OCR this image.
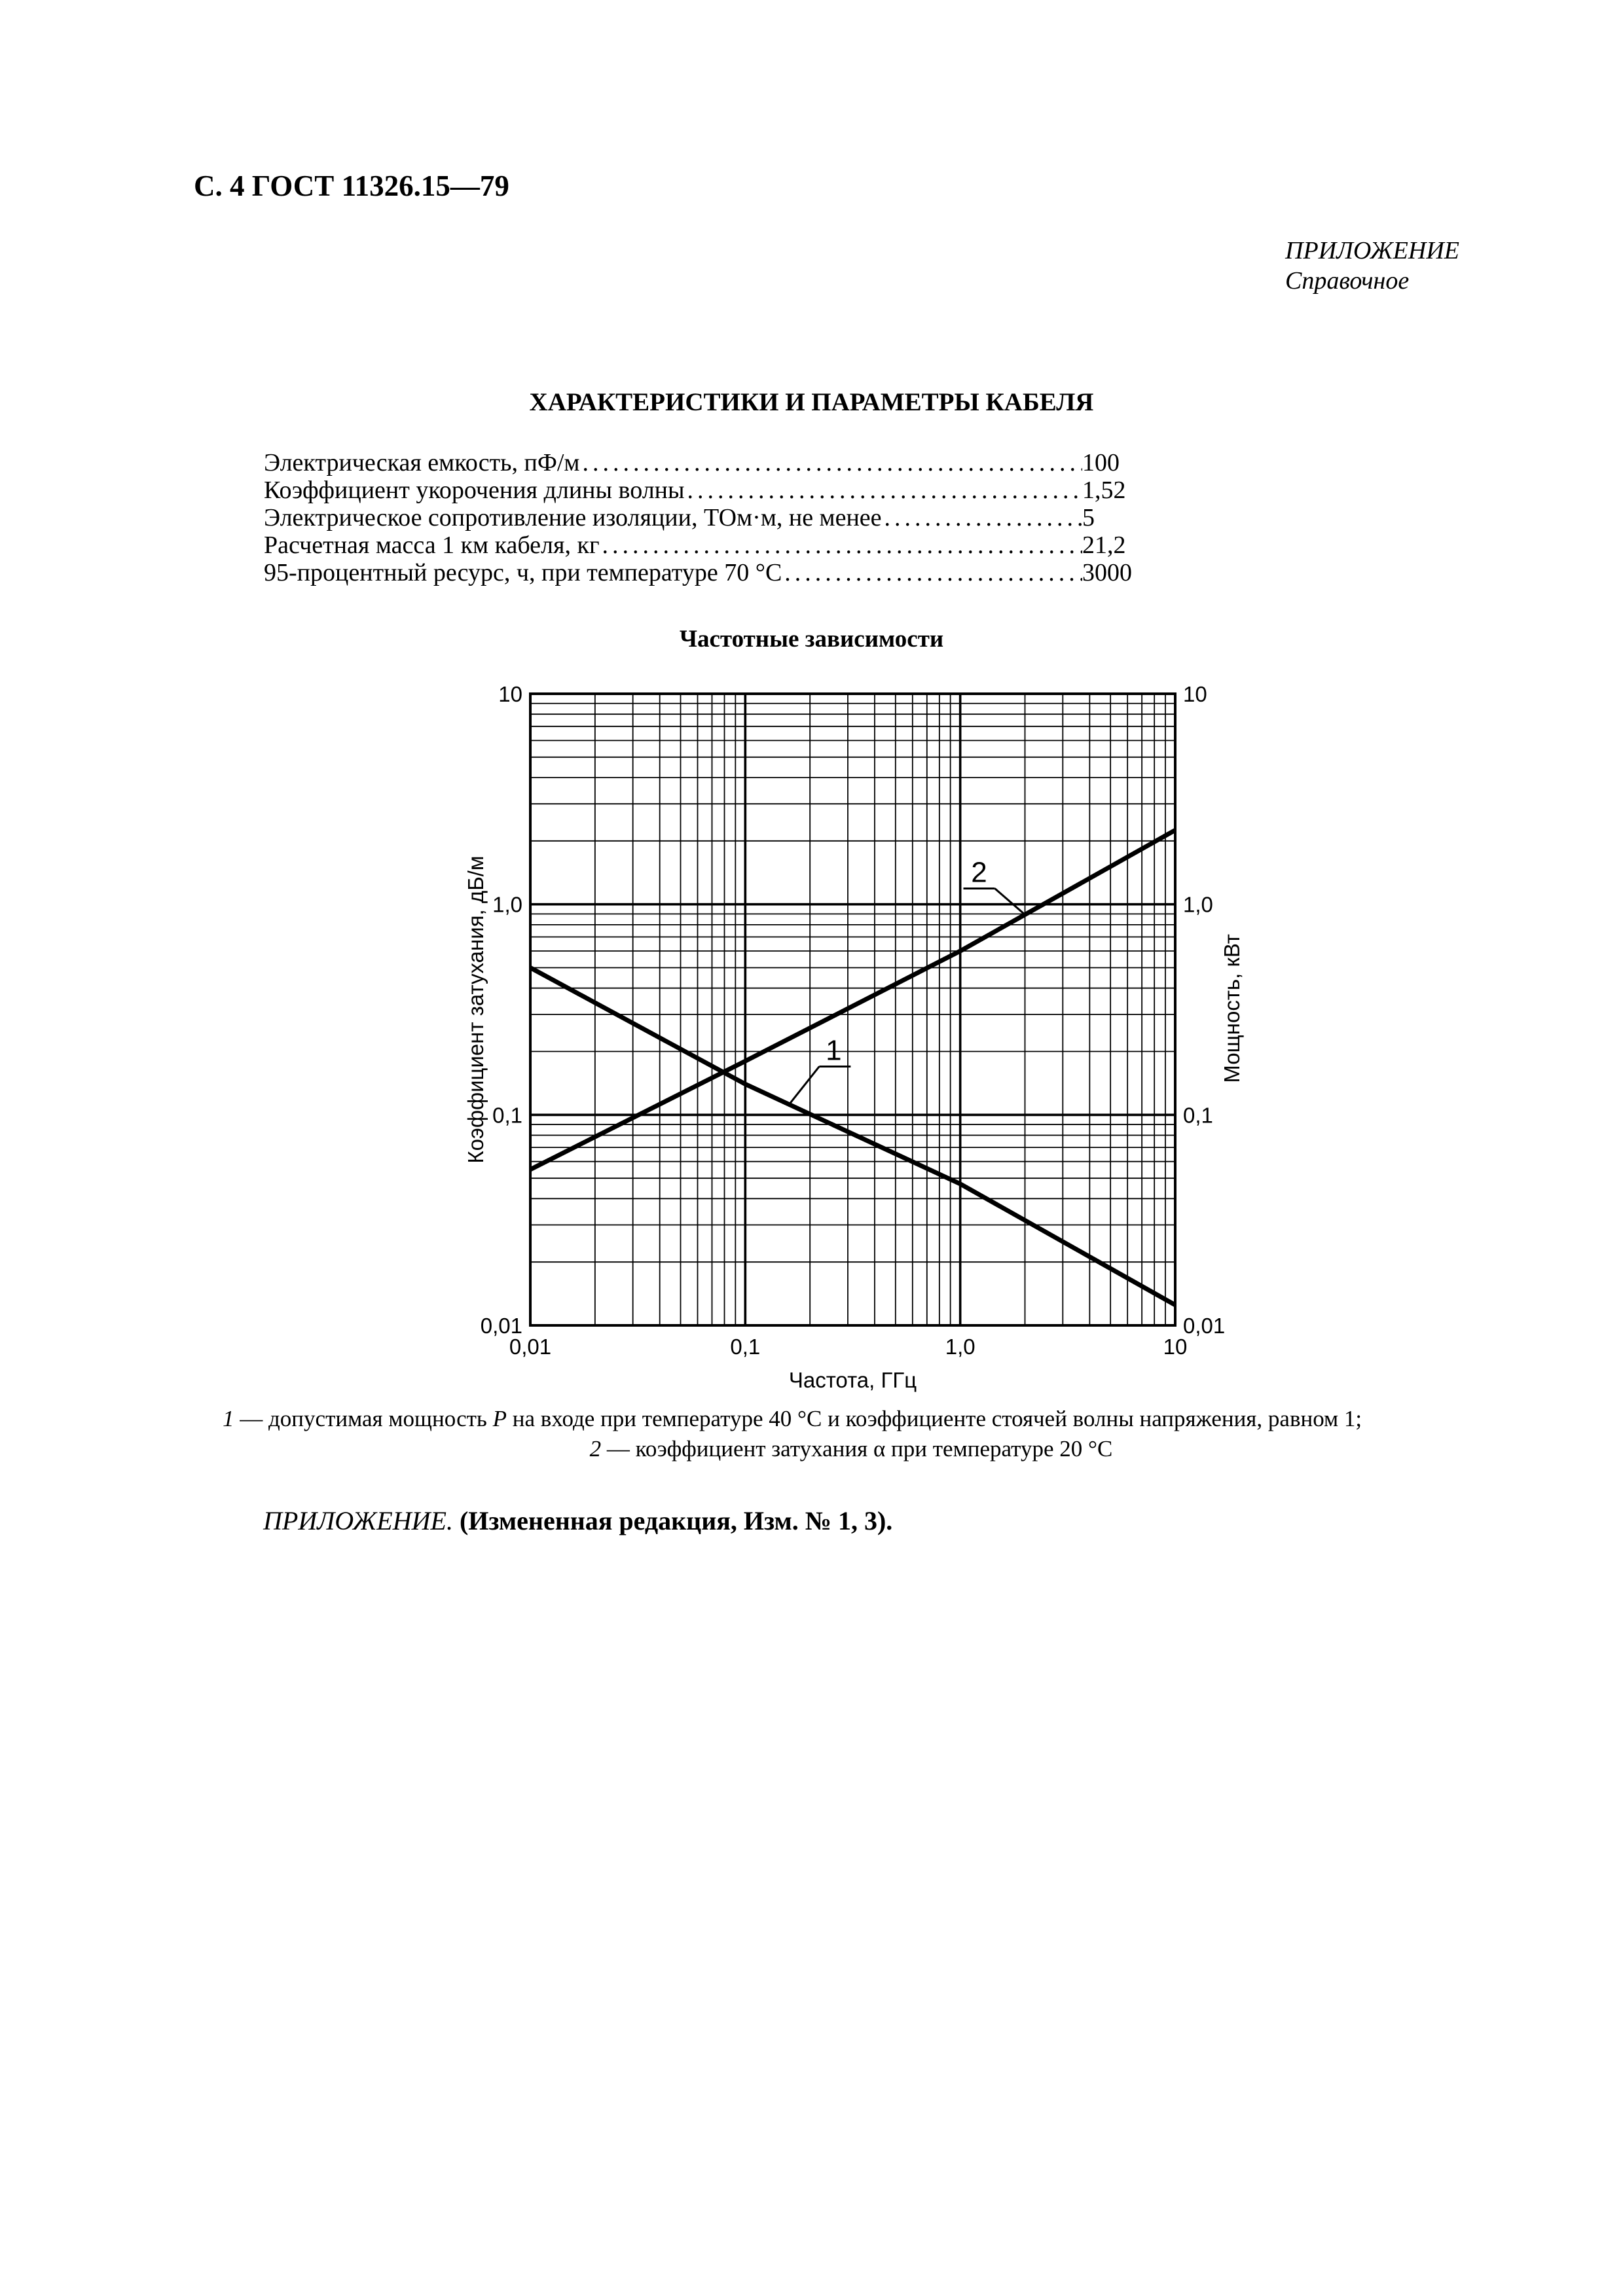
С. 4 ГОСТ 11326.15—79
ПРИЛОЖЕНИЕ
Справочное
ХАРАКТЕРИСТИКИ И ПАРАМЕТРЫ КАБЕЛЯ
Электрическая емкость, пФ/м .....	100
Коэффициент укорочения длины волны .....	1,52
Электрическое сопротивление изоляции, ТОм·м, не менее .....	5
Расчетная масса 1 км кабеля, кг .....	21,2
95-процентный ресурс, ч, при температуре 70 °С .....	3000
Частотные зависимости
0,01	0,1	1,0	10
0,01
0,1
1,0
10
0,01
0,1
1,0
10
Частота, ГГц
Коэффициент затухания, дБ/м	Мощность, кВт
1
2
1 — допустимая мощность P на входе при температуре 40 °С и коэффициенте стоячей волны напряжения, равном 1;
2 — коэффициент затухания α при температуре 20 °С
ПРИЛОЖЕНИЕ. (Измененная редакция, Изм. № 1, 3).
